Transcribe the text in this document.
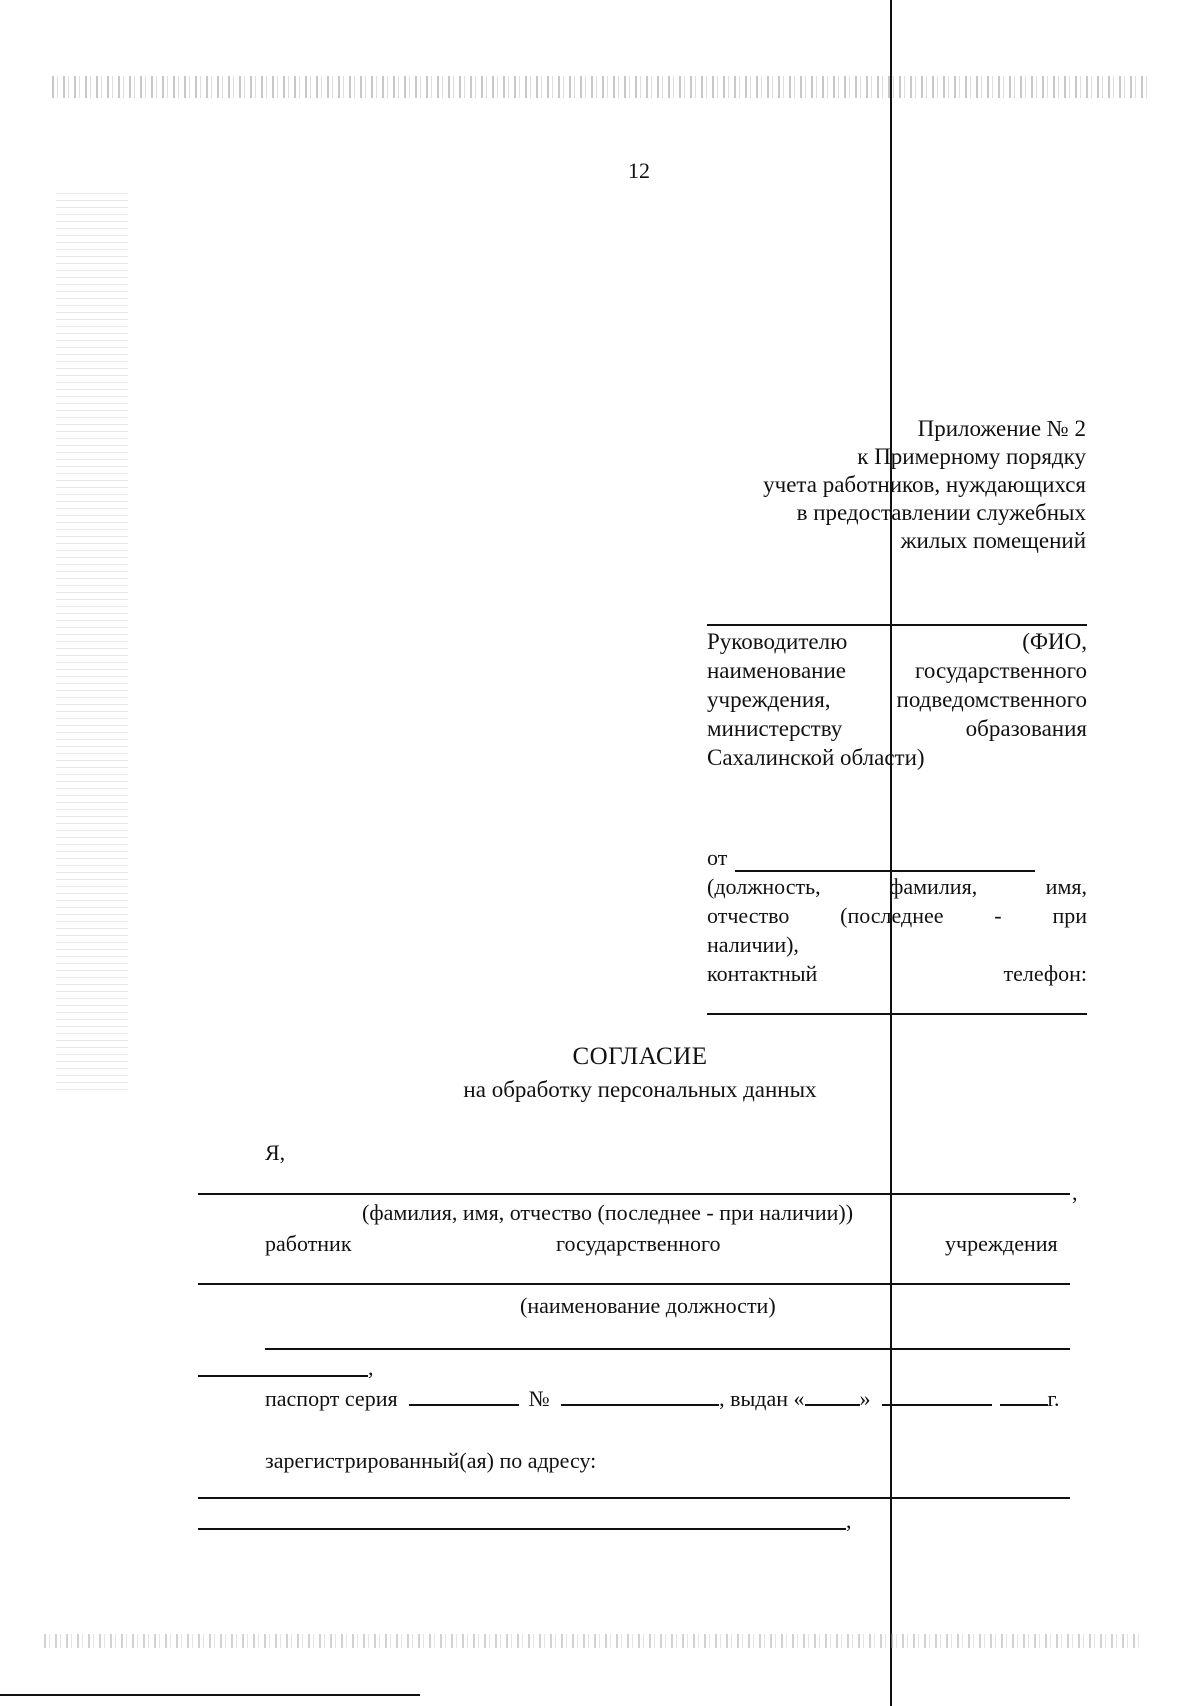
12
Приложение № 2
к Примерному порядку
учета работников, нуждающихся
в предоставлении служебных
жилых помещений
Руководителю (ФИО,
наименование государственного
учреждения, подведомственного
министерству образования
Сахалинской области)
от
(должность, фамилия, имя,
отчество (последнее - при
наличии),
контактный телефон:
СОГЛАСИЕ
на обработку персональных данных
Я,
,
(фамилия, имя, отчество (последнее - при наличии))
работник	государственного	учреждения
(наименование должности)
,
паспорт серия	№	, выдан «	»	г.
зарегистрированный(ая) по адресу:
,
